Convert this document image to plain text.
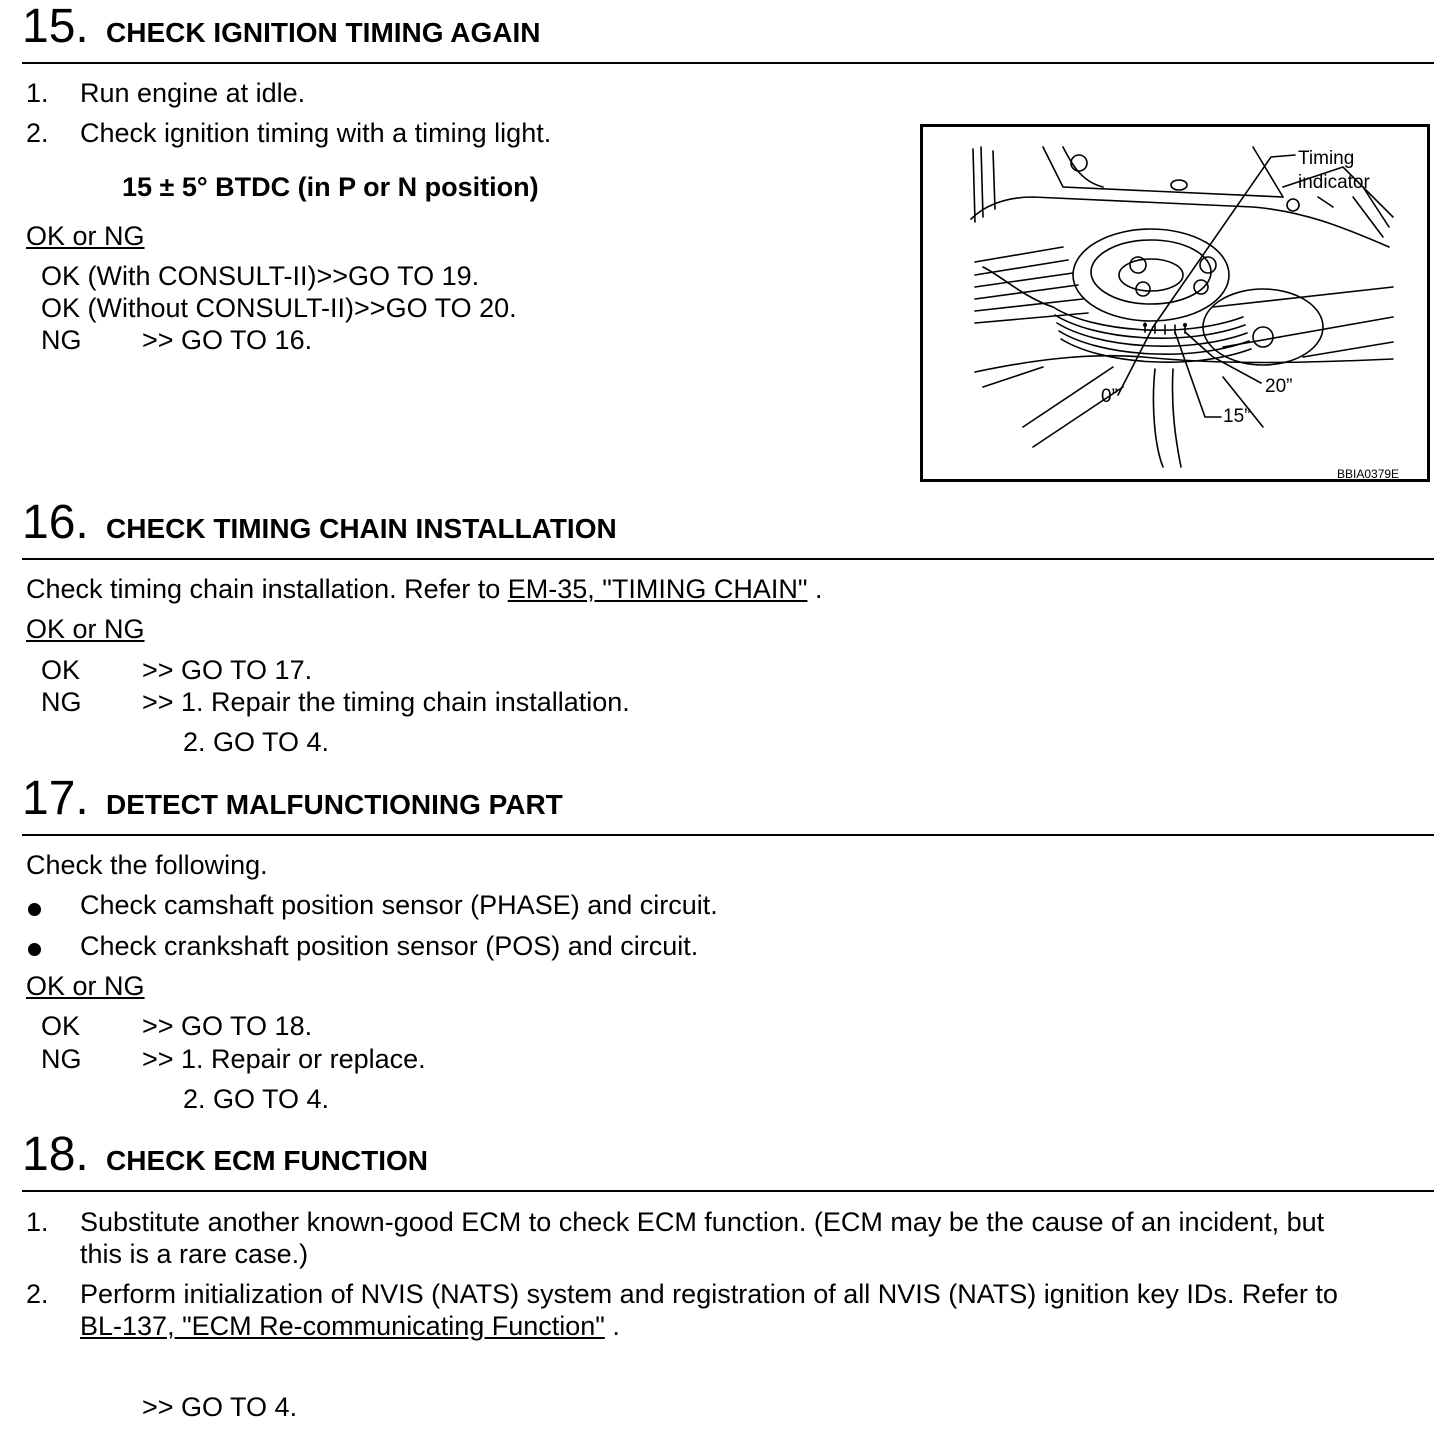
15. CHECK IGNITION TIMING AGAIN
1. Run engine at idle.
2. Check ignition timing with a timing light.
15 ± 5° BTDC (in P or N position)
OK or NG
OK (With CONSULT-II)>>GO TO 19.
OK (Without CONSULT-II)>>GO TO 20.
NG >> GO TO 16.
Timing
indicator
0”	20”
15”
BBIA0379E
16. CHECK TIMING CHAIN INSTALLATION
Check timing chain installation. Refer to EM-35, "TIMING CHAIN" .
OK or NG
OK >> GO TO 17.
NG >> 1. Repair the timing chain installation.
2. GO TO 4.
17. DETECT MALFUNCTIONING PART
Check the following.
Check camshaft position sensor (PHASE) and circuit.
Check crankshaft position sensor (POS) and circuit.
OK or NG
OK >> GO TO 18.
NG >> 1. Repair or replace.
2. GO TO 4.
18. CHECK ECM FUNCTION
1. Substitute another known-good ECM to check ECM function. (ECM may be the cause of an incident, but
this is a rare case.)
2. Perform initialization of NVIS (NATS) system and registration of all NVIS (NATS) ignition key IDs. Refer to
BL-137, "ECM Re-communicating Function" .
>> GO TO 4.
